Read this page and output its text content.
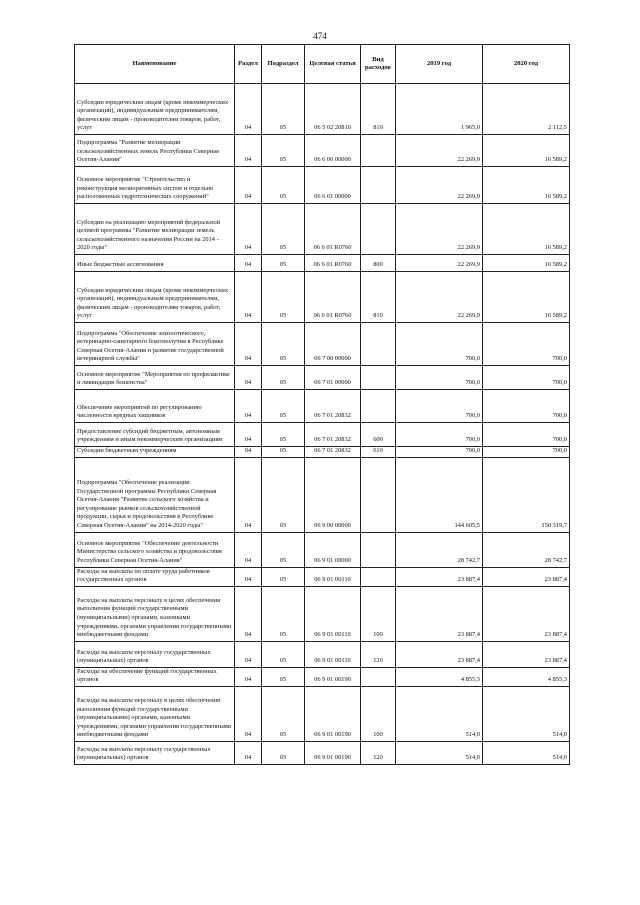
474
Наименование	Раздел	Подраздел	Целевая статья	Вид расходов	2019 год	2020 год
Субсидии юридическим лицам (кроме некоммерческих организаций), индивидуальным предпринимателям, физическим лицам - производителям товаров, работ, услуг	04	05	06 5 02 20810	810	1 965,0	2 112,5
Подпрограмма "Развитие мелиорации сельскохозяйственных земель Республики Северная Осетия-Алания"	04	05	06 6 00 00000		22 269,9	16 589,2
Основное мероприятие "Строительство и реконструкция мелиоративных систем и отдельно расположенных гидротехнических сооружений"	04	05	06 6 01 00000		22 269,9	16 589,2
Субсидии на реализацию мероприятий федеральной целевой программы "Развитие мелиорации земель сельскохозяйственного назначения России на 2014 - 2020 годы"	04	05	06 6 01 R0760		22 269,9	16 589,2
Иные бюджетные ассигнования	04	05	06 6 01 R0760	800	22 269,9	16 589,2
Субсидии юридическим лицам (кроме некоммерческих организаций), индивидуальным предпринимателям, физическим лицам - производителям товаров, работ, услуг	04	05	06 6 01 R0760	810	22 269,9	16 589,2
Подпрограмма "Обеспечение эпизоотического, ветеринарно-санитарного благополучия в Республике Северная Осетия-Алания и развитие государственной ветеринарной службы"	04	05	06 7 00 00000		700,0	700,0
Основное мероприятие "Мероприятия по профилактике и ликвидации бешенства"	04	05	06 7 01 00000		700,0	700,0
Обеспечение мероприятий по регулированию численности вредных хищников	04	05	06 7 01 20832		700,0	700,0
Предоставление субсидий бюджетным, автономным учреждениям и иным некоммерческим организациям	04	05	06 7 01 20832	600	700,0	700,0
Субсидии бюджетным учреждениям	04	05	06 7 01 20832	610	700,0	700,0
Подпрограмма "Обеспечение реализации Государственной программы Республики Северная Осетия-Алания "Развитие сельского хозяйства и регулирование рынков сельскохозяйственной продукции, сырья и продовольствия в Республике Северная Осетия-Алания" на 2014-2020 годы"	04	05	06 9 00 00000		144 605,5	150 319,7
Основное мероприятие "Обеспечение деятельности Министерства сельского хозяйства и продовольствия Республики Северная Осетия-Алания"	04	05	06 9 01 00000		28 742,7	28 742,7
Расходы на выплаты по оплате труда работников государственных органов	04	05	06 9 01 00110		23 887,4	23 887,4
Расходы на выплаты персоналу в целях обеспечения выполнения функций государственными (муниципальными) органами, казенными учреждениями, органами управления государственными внебюджетными фондами	04	05	06 9 01 00110	100	23 887,4	23 887,4
Расходы на выплаты персоналу государственных (муниципальных) органов	04	05	06 9 01 00110	120	23 887,4	23 887,4
Расходы на обеспечение функций государственных органов	04	05	06 9 01 00190		4 855,3	4 855,3
Расходы на выплаты персоналу в целях обеспечения выполнения функций государственными (муниципальными) органами, казенными учреждениями, органами управления государственными внебюджетными фондами	04	05	06 9 01 00190	100	514,0	514,0
Расходы на выплаты персоналу государственных (муниципальных) органов	04	05	06 9 01 00190	120	514,0	514,0
